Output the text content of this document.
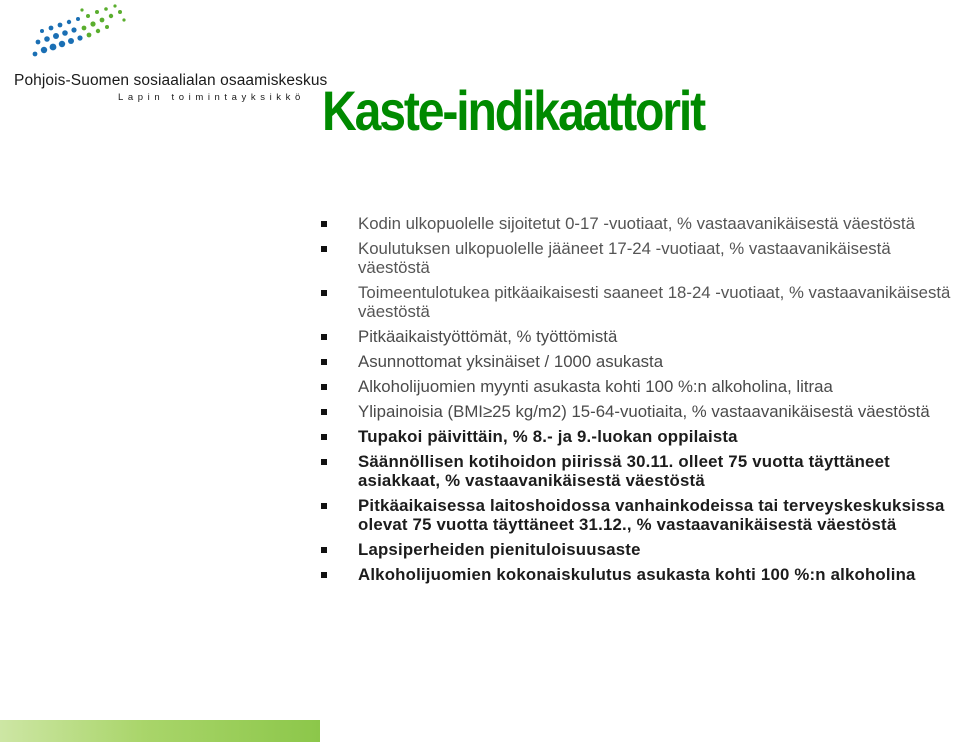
Pohjois-Suomen sosiaalialan osaamiskeskus
Lapin toimintayksikkö Kaste-indikaattorit
Kodin ulkopuolelle sijoitetut 0-17 -vuotiaat, % vastaavanikäisestä väestöstä
Koulutuksen ulkopuolelle jääneet 17-24 -vuotiaat, % vastaavanikäisestä väestöstä
Toimeentulotukea pitkäaikaisesti saaneet 18-24 -vuotiaat, % vastaavanikäisestä väestöstä
Pitkäaikaistyöttömät, % työttömistä
Asunnottomat yksinäiset / 1000 asukasta
Alkoholijuomien myynti asukasta kohti 100 %:n alkoholina, litraa
Ylipainoisia (BMI≥25 kg/m2) 15-64-vuotiaita, % vastaavanikäisestä väestöstä
Tupakoi päivittäin, % 8.- ja 9.-luokan oppilaista
Säännöllisen kotihoidon piirissä 30.11. olleet 75 vuotta täyttäneet asiakkaat, % vastaavanikäisestä väestöstä
Pitkäaikaisessa laitoshoidossa vanhainkodeissa tai terveyskeskuksissa olevat 75 vuotta täyttäneet 31.12., % vastaavanikäisestä väestöstä
Lapsiperheiden pienituloisuusaste
Alkoholijuomien kokonaiskulutus asukasta kohti 100 %:n alkoholina
